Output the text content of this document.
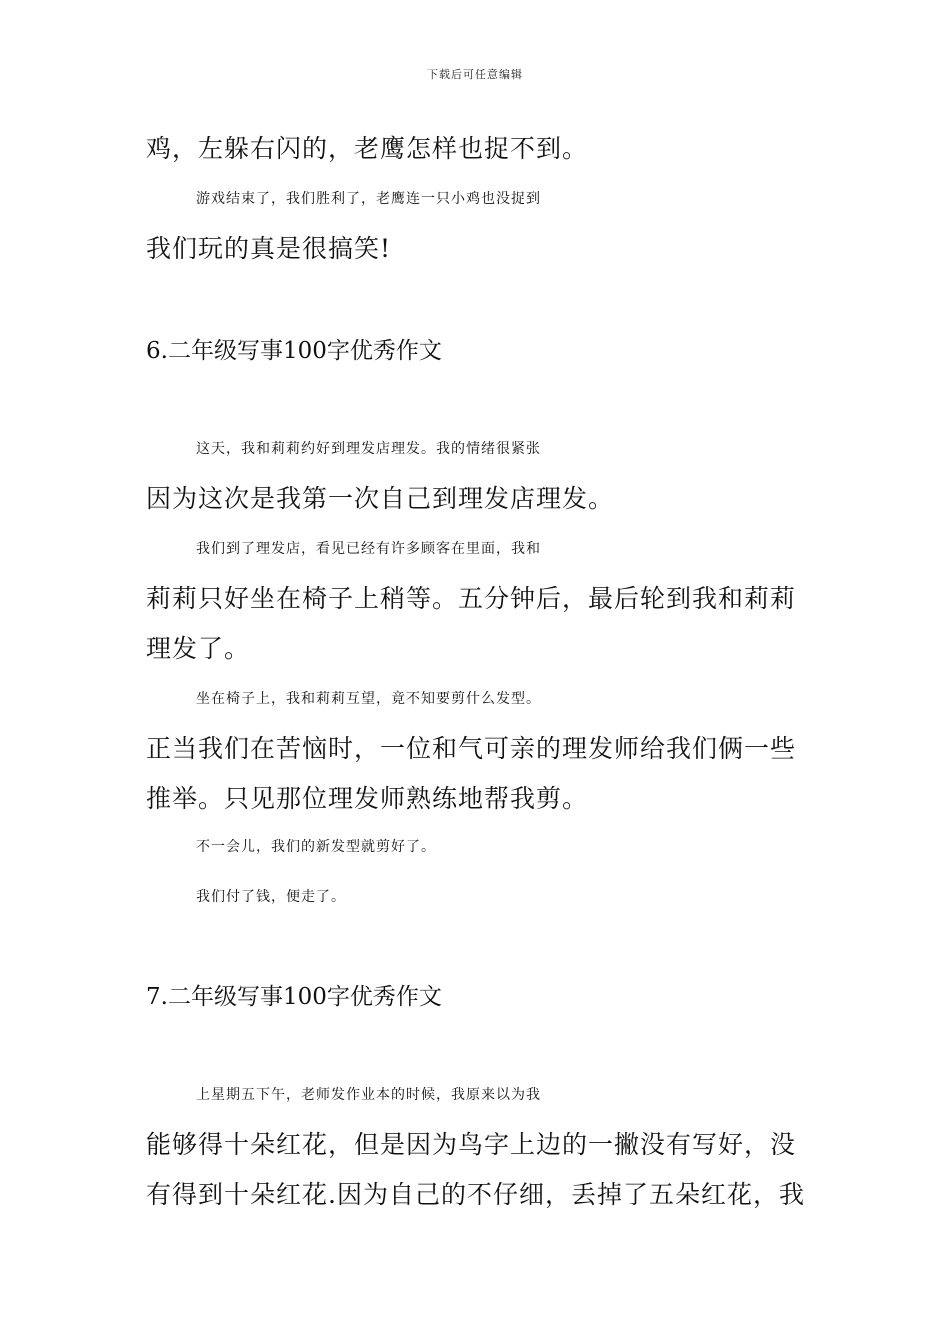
下载后可任意编辑
鸡，左躲右闪的，老鹰怎样也捉不到。
游戏结束了，我们胜利了，老鹰连一只小鸡也没捉到
我们玩的真是很搞笑!
6.二年级写事100字优秀作文
这天，我和莉莉约好到理发店理发。我的情绪很紧张
因为这次是我第一次自己到理发店理发。
我们到了理发店，看见已经有许多顾客在里面，我和
莉莉只好坐在椅子上稍等。五分钟后，最后轮到我和莉莉
理发了。
坐在椅子上，我和莉莉互望，竟不知要剪什么发型。
正当我们在苦恼时，一位和气可亲的理发师给我们俩一些
推举。只见那位理发师熟练地帮我剪。
不一会儿，我们的新发型就剪好了。
我们付了钱，便走了。
7.二年级写事100字优秀作文
上星期五下午，老师发作业本的时候，我原来以为我
能够得十朵红花，但是因为鸟字上边的一撇没有写好，没
有得到十朵红花.因为自己的不仔细，丢掉了五朵红花，我
